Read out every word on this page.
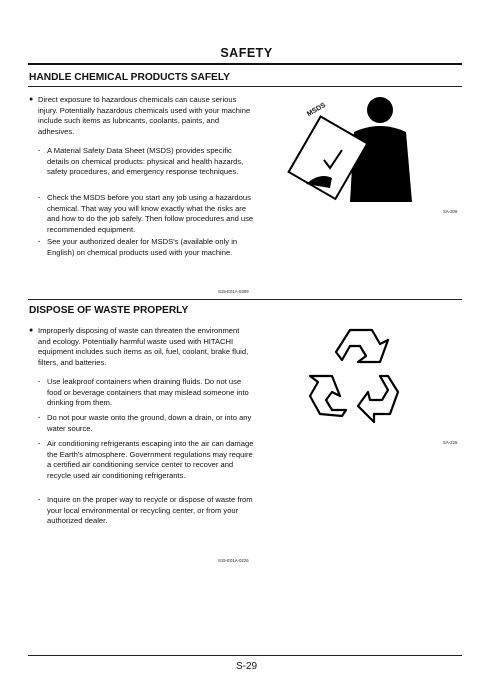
SAFETY
HANDLE CHEMICAL PRODUCTS SAFELY
● Direct exposure to hazardous chemicals can cause serious injury. Potentially hazardous chemicals used with your machine include such items as lubricants, coolants, paints, and adhesives.
· A Material Safety Data Sheet (MSDS) provides specific details on chemical products: physical and health hazards, safety procedures, and emergency response techniques.
· Check the MSDS before you start any job using a hazardous chemical. That way you will know exactly what the risks are and how to do the job safely. Then follow procedures and use recommended equipment.
· See your authorized dealer for MSDS's (available only in English) on chemical products used with your machine.
MSDS
SA-309
S15-E01A-0309
DISPOSE OF WASTE PROPERLY
● Improperly disposing of waste can threaten the environment and ecology. Potentially harmful waste used with HITACHI equipment includes such items as oil, fuel, coolant, brake fluid, filters, and batteries.
· Use leakproof containers when draining fluids. Do not use food or beverage containers that may mislead someone into drinking from them.
· Do not pour waste onto the ground, down a drain, or into any water source.
· Air conditioning refrigerants escaping into the air can damage the Earth's atmosphere. Government regulations may require a certified air conditioning service center to recover and recycle used air conditioning refrigerants.
· Inquire on the proper way to recycle or dispose of waste from your local environmental or recycling center, or from your authorized dealer.
SA-226
S15-E01A-0226
S-29
